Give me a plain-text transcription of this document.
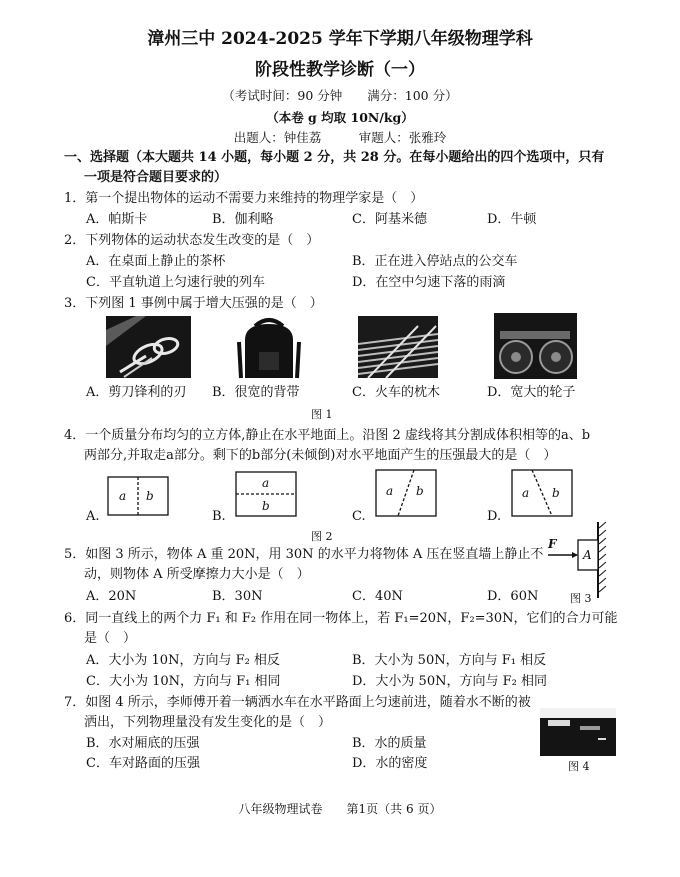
漳州三中 2024-2025 学年下学期八年级物理学科
阶段性教学诊断（一）
（考试时间：90 分钟　　满分：100 分）
（本卷 g 均取 10N/kg）
出题人：钟佳荔　　　审题人：张雅玲
一、选择题（本大题共 14 小题，每小题 2 分，共 28 分。在每小题给出的四个选项中，只有
一项是符合题目要求的）
1．第一个提出物体的运动不需要力来维持的物理学家是（　）
A．帕斯卡	B．伽利略	C．阿基米德	D．牛顿
2．下列物体的运动状态发生改变的是（　）
A．在桌面上静止的茶杯	B．正在进入停站点的公交车
C．平直轨道上匀速行驶的列车	D．在空中匀速下落的雨滴
3．下列图 1 事例中属于增大压强的是（　）
A．剪刀锋利的刃 B．很宽的背带	C．火车的枕木	D．宽大的轮子
图 1
4．一个质量分布均匀的立方体,静止在水平地面上。沿图 2 虚线将其分割成体积相等的a、b
两部分,并取走a部分。剩下的b部分(未倾倒)对水平地面产生的压强最大的是（　）
a b
a
b
a b	a b
A.	B.	C.	D.
图 2
F
A
5．如图 3 所示，物体 A 重 20N，用 30N 的水平力将物体 A 压在竖直墙上静止不
动，则物体 A 所受摩擦力大小是（　）
A．20N	B．30N	C．40N	D．60N	图 3
6．同一直线上的两个力 F₁ 和 F₂ 作用在同一物体上，若 F₁=20N，F₂=30N，它们的合力可能
是（　）
A．大小为 10N，方向与 F₂ 相反	B．大小为 50N，方向与 F₁ 相反
C．大小为 10N，方向与 F₁ 相同	D．大小为 50N，方向与 F₂ 相同
7．如图 4 所示，李师傅开着一辆洒水车在水平路面上匀速前进，随着水不断的被
洒出，下列物理量没有发生变化的是（　）
B．水对厢底的压强	B．水的质量
C．车对路面的压强	D．水的密度	图 4
八年级物理试卷　　第1页（共 6 页）
